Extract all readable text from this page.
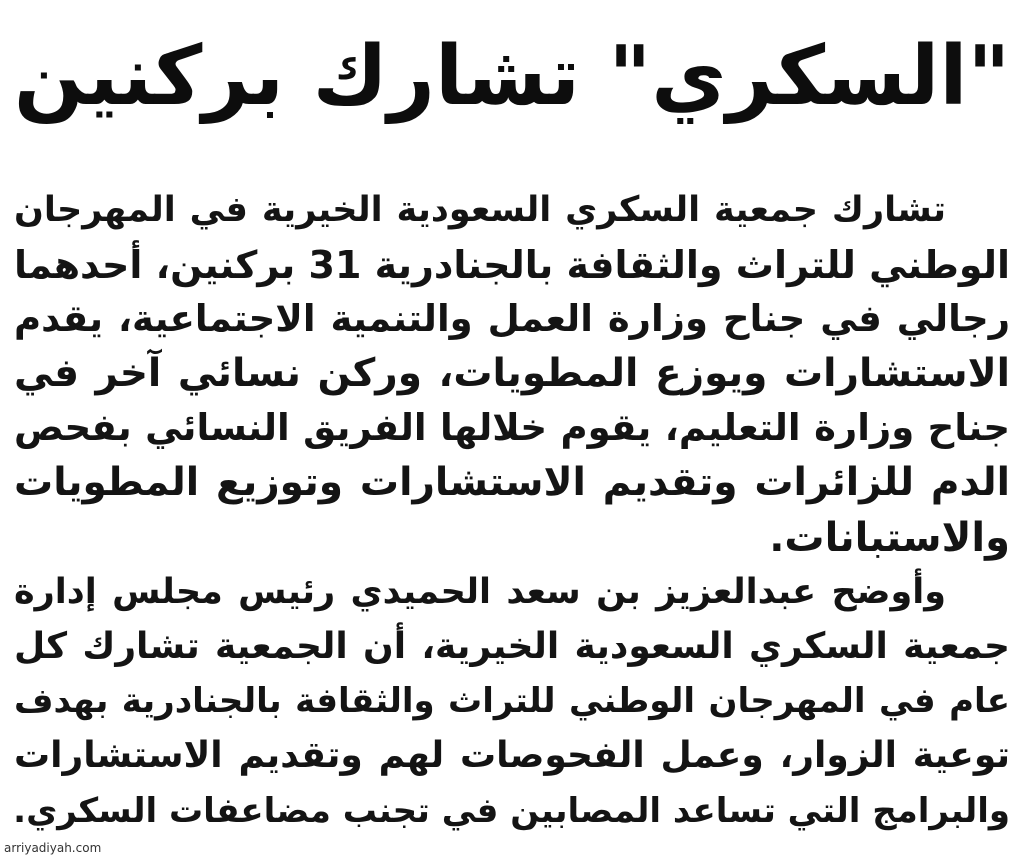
"السكري" تشارك بركنين
تشارك جمعية السكري السعودية الخيرية في المهرجان
الوطني للتراث والثقافة بالجنادرية 31 بركنين، أحدهما
رجالي في جناح وزارة العمل والتنمية الاجتماعية، يقدم
الاستشارات ويوزع المطويات، وركن نسائي آخر في
جناح وزارة التعليم، يقوم خلالها الفريق النسائي بفحص
الدم للزائرات وتقديم الاستشارات وتوزيع المطويات
والاستبانات.
وأوضح عبدالعزيز بن سعد الحميدي رئيس مجلس إدارة
جمعية السكري السعودية الخيرية، أن الجمعية تشارك كل
عام في المهرجان الوطني للتراث والثقافة بالجنادرية بهدف
توعية الزوار، وعمل الفحوصات لهم وتقديم الاستشارات
والبرامج التي تساعد المصابين في تجنب مضاعفات السكري.
arriyadiyah.com
